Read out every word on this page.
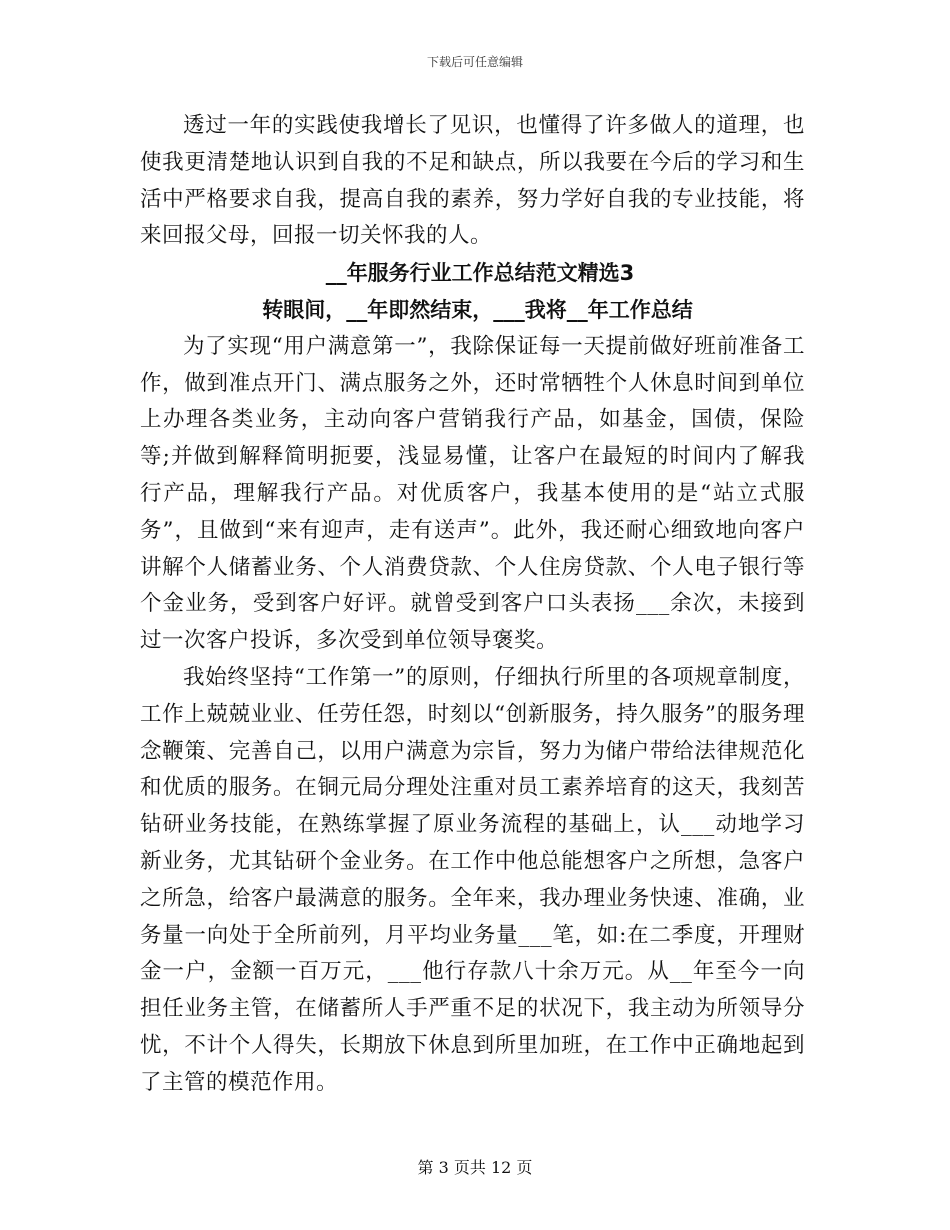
下载后可任意编辑

透过一年的实践使我增长了见识，也懂得了许多做人的道理，也使我更清楚地认识到自我的不足和缺点，所以我要在今后的学习和生活中严格要求自我，提高自我的素养，努力学好自我的专业技能，将来回报父母，回报一切关怀我的人。

__年服务行业工作总结范文精选3

转眼间，__年即然结束，___我将__年工作总结

为了实现“用户满意第一”，我除保证每一天提前做好班前准备工作，做到准点开门、满点服务之外，还时常牺牲个人休息时间到单位上办理各类业务，主动向客户营销我行产品，如基金，国债，保险等;并做到解释简明扼要，浅显易懂，让客户在最短的时间内了解我行产品，理解我行产品。对优质客户，我基本使用的是“站立式服务”，且做到“来有迎声，走有送声”。此外，我还耐心细致地向客户讲解个人储蓄业务、个人消费贷款、个人住房贷款、个人电子银行等个金业务，受到客户好评。就曾受到客户口头表扬___余次，未接到过一次客户投诉，多次受到单位领导褒奖。

我始终坚持“工作第一”的原则，仔细执行所里的各项规章制度，工作上兢兢业业、任劳任怨，时刻以“创新服务，持久服务”的服务理念鞭策、完善自己，以用户满意为宗旨，努力为储户带给法律规范化和优质的服务。在铜元局分理处注重对员工素养培育的这天，我刻苦钻研业务技能，在熟练掌握了原业务流程的基础上，认___动地学习新业务，尤其钻研个金业务。在工作中他总能想客户之所想，急客户之所急，给客户最满意的服务。全年来，我办理业务快速、准确，业务量一向处于全所前列，月平均业务量___笔，如:在二季度，开理财金一户，金额一百万元，___他行存款八十余万元。从__年至今一向担任业务主管，在储蓄所人手严重不足的状况下，我主动为所领导分忧，不计个人得失，长期放下休息到所里加班，在工作中正确地起到了主管的模范作用。

第 3 页共 12 页
